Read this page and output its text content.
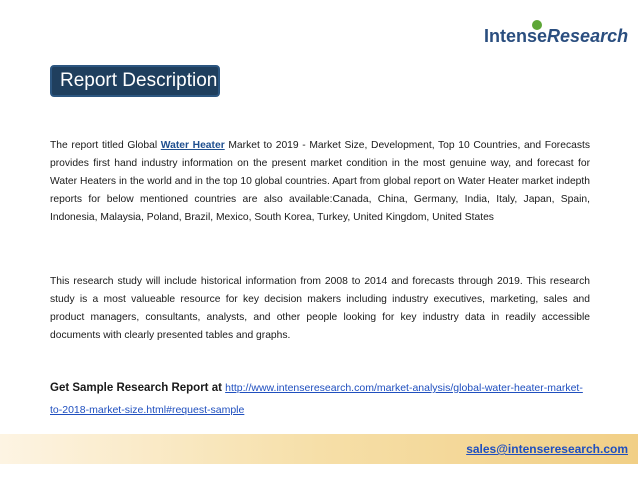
IntenseResearch
Report Description
The report titled Global Water Heater Market to 2019 - Market Size, Development, Top 10 Countries, and Forecasts provides first hand industry information on the present market condition in the most genuine way, and forecast for Water Heaters in the world and in the top 10 global countries. Apart from global report on Water Heater market indepth reports for below mentioned countries are also available:Canada, China, Germany, India, Italy, Japan, Spain, Indonesia, Malaysia, Poland, Brazil, Mexico, South Korea, Turkey, United Kingdom, United States
This research study will include historical information from 2008 to 2014 and forecasts through 2019. This research study is a most valueable resource for key decision makers including industry executives, marketing, sales and product managers, consultants, analysts, and other people looking for key industry data in readily accessible documents with clearly presented tables and graphs.
Get Sample Research Report at http://www.intenseresearch.com/market-analysis/global-water-heater-market-to-2018-market-size.html#request-sample
sales@intenseresearch.com
